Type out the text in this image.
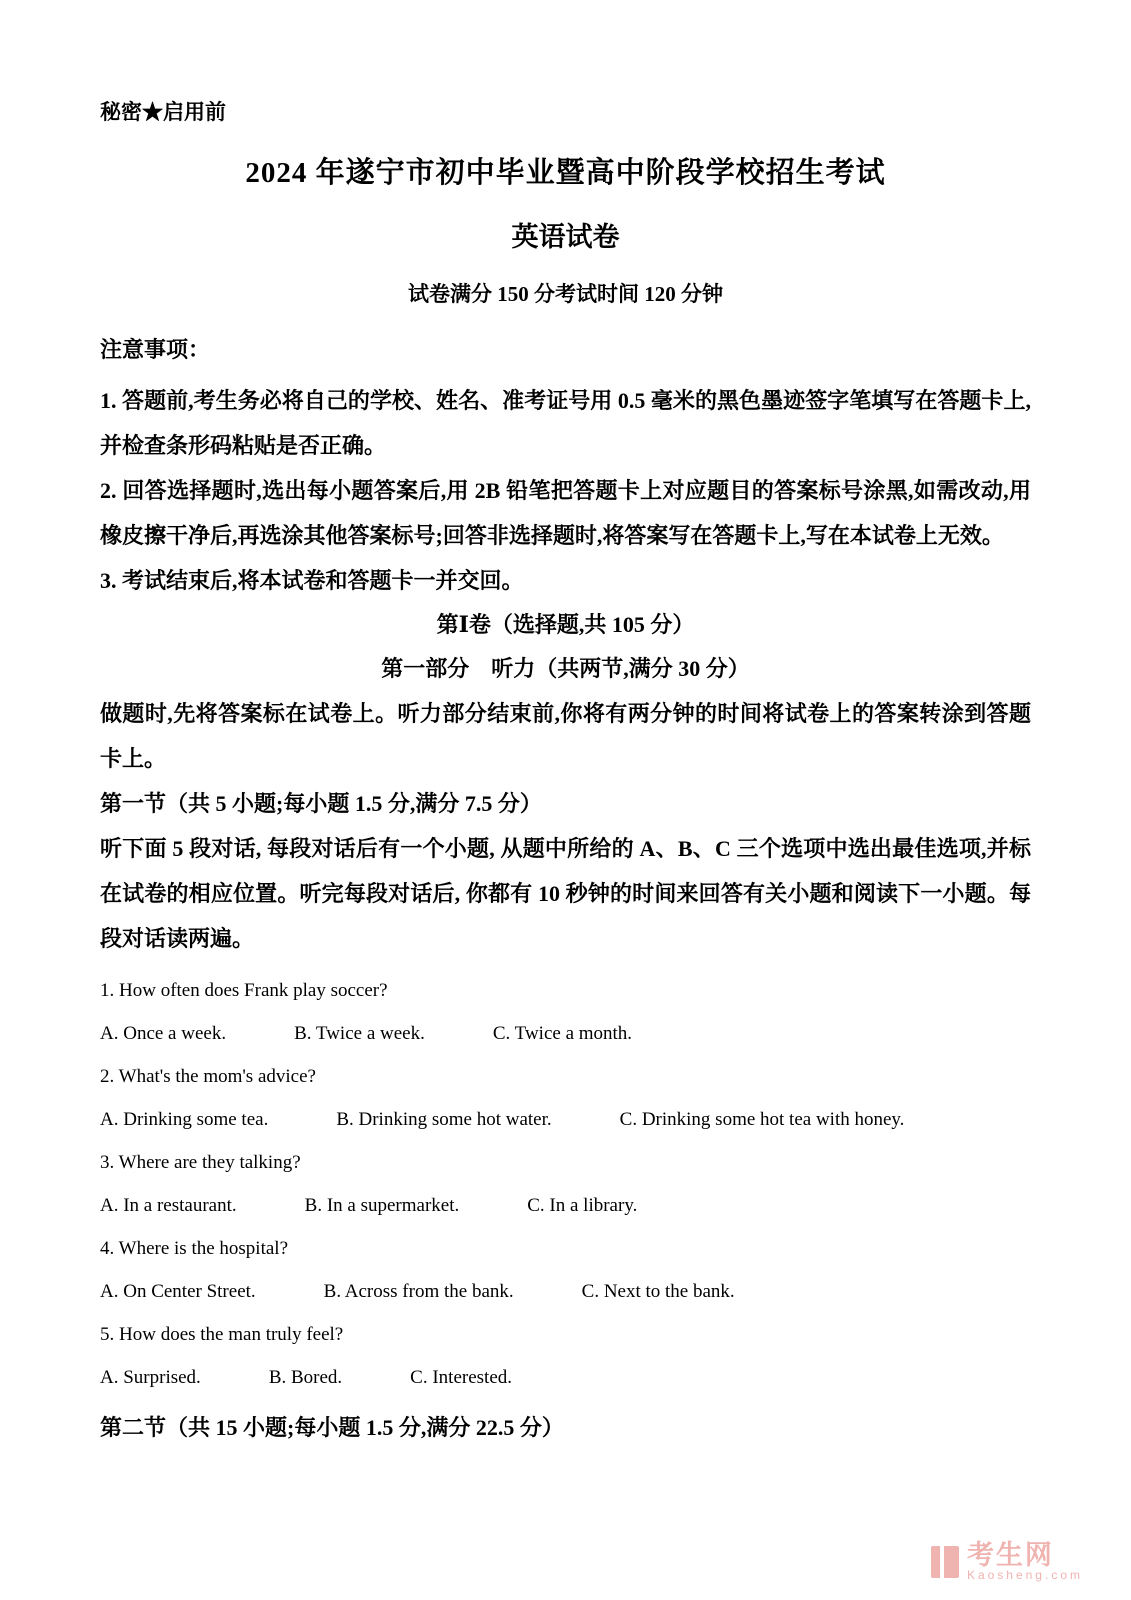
秘密★启用前

2024 年遂宁市初中毕业暨高中阶段学校招生考试
英语试卷

试卷满分 150 分考试时间 120 分钟

注意事项：

1. 答题前,考生务必将自己的学校、姓名、准考证号用 0.5 毫米的黑色墨迹签字笔填写在答题卡上,并检查条形码粘贴是否正确。

2. 回答选择题时,选出每小题答案后,用 2B 铅笔把答题卡上对应题目的答案标号涂黑,如需改动,用橡皮擦干净后,再选涂其他答案标号;回答非选择题时,将答案写在答题卡上,写在本试卷上无效。

3. 考试结束后,将本试卷和答题卡一并交回。

第Ⅰ卷（选择题,共 105 分）

第一部分　听力（共两节,满分 30 分）

做题时,先将答案标在试卷上。听力部分结束前,你将有两分钟的时间将试卷上的答案转涂到答题卡上。

第一节（共 5 小题;每小题 1.5 分,满分 7.5 分）

听下面 5 段对话, 每段对话后有一个小题, 从题中所给的 A、B、C 三个选项中选出最佳选项,并标在试卷的相应位置。听完每段对话后, 你都有 10 秒钟的时间来回答有关小题和阅读下一小题。每段对话读两遍。

1. How often does Frank play soccer?

A. Once a week.	B. Twice a week.	C. Twice a month.

2. What's the mom's advice?

A. Drinking some tea.	B. Drinking some hot water.	C. Drinking some hot tea with honey.

3. Where are they talking?

A. In a restaurant.	B. In a supermarket.	C. In a library.

4. Where is the hospital?

A. On Center Street.	B. Across from the bank.	C. Next to the bank.

5. How does the man truly feel?

A. Surprised.	B. Bored.	C. Interested.

第二节（共 15 小题;每小题 1.5 分,满分 22.5 分）

考生网
Kaosheng.com
